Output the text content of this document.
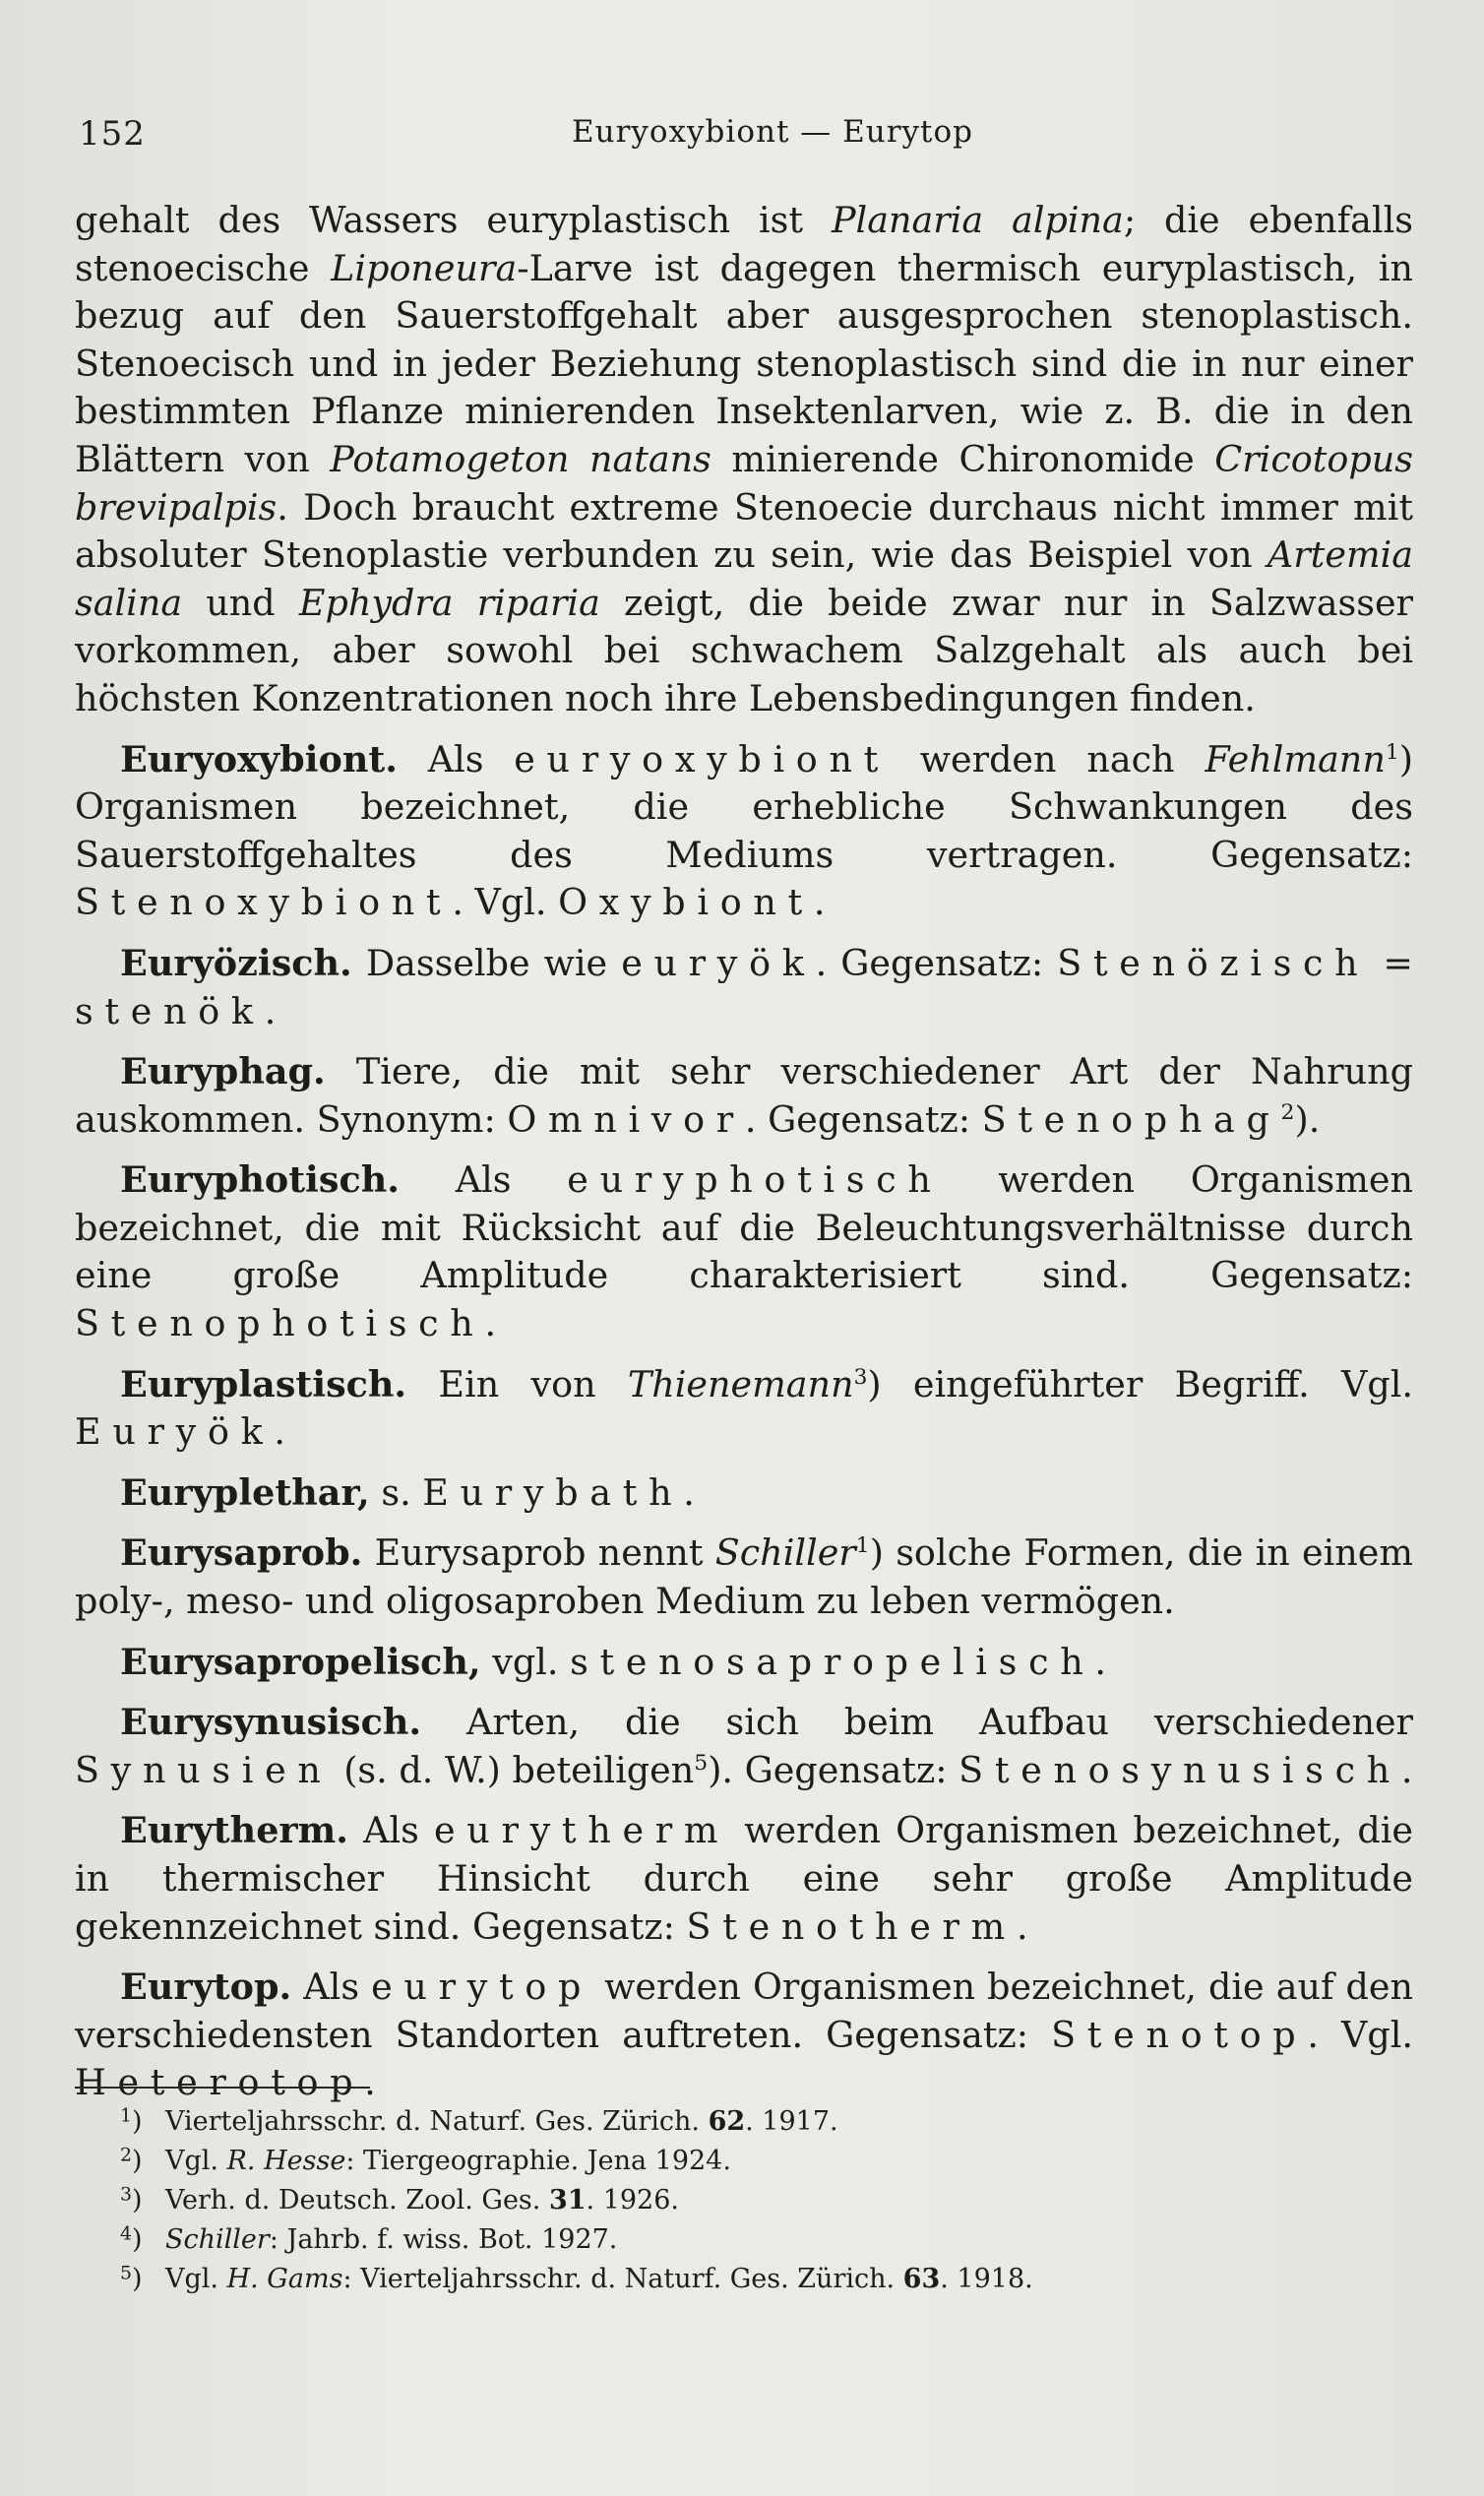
152	Euryoxybiont — Eurytop

gehalt des Wassers euryplastisch ist Planaria alpina; die ebenfalls stenoecische Liponeura-Larve ist dagegen thermisch euryplastisch, in bezug auf den Sauerstoffgehalt aber ausgesprochen stenoplastisch. Stenoecisch und in jeder Beziehung stenoplastisch sind die in nur einer bestimmten Pflanze minierenden Insektenlarven, wie z. B. die in den Blättern von Potamogeton natans minierende Chironomide Cricotopus brevipalpis. Doch braucht extreme Stenoecie durchaus nicht immer mit absoluter Stenoplastie verbunden zu sein, wie das Beispiel von Artemia salina und Ephydra riparia zeigt, die beide zwar nur in Salzwasser vorkommen, aber sowohl bei schwachem Salzgehalt als auch bei höchsten Konzentrationen noch ihre Lebensbedingungen finden.

Euryoxybiont. Als euryoxybiont werden nach Fehlmann$^1$) Organismen bezeichnet, die erhebliche Schwankungen des Sauerstoffgehaltes des Mediums vertragen. Gegensatz: Stenoxybiont. Vgl. Oxybiont.

Euryözisch. Dasselbe wie euryök. Gegensatz: Stenözisch = stenök.

Euryphag. Tiere, die mit sehr verschiedener Art der Nahrung auskommen. Synonym: Omnivor. Gegensatz: Stenophag$^2$).

Euryphotisch. Als euryphotisch werden Organismen bezeichnet, die mit Rücksicht auf die Beleuchtungsverhältnisse durch eine große Amplitude charakterisiert sind. Gegensatz: Stenophotisch.

Euryplastisch. Ein von Thienemann$^3$) eingeführter Begriff. Vgl. Euryök.

Euryplethar, s. Eurybath.

Eurysaprob. Eurysaprob nennt Schiller$^1$) solche Formen, die in einem poly-, meso- und oligosaproben Medium zu leben vermögen.

Eurysapropelisch, vgl. stenosapropelisch.

Eurysynusisch. Arten, die sich beim Aufbau verschiedener Synusien (s. d. W.) beteiligen$^5$). Gegensatz: Stenosynusisch.

Eurytherm. Als eurytherm werden Organismen bezeichnet, die in thermischer Hinsicht durch eine sehr große Amplitude gekennzeichnet sind. Gegensatz: Stenotherm.

Eurytop. Als eurytop werden Organismen bezeichnet, die auf den verschiedensten Standorten auftreten. Gegensatz: Stenotop. Vgl. Heterotop.

$^1$) Vierteljahrsschr. d. Naturf. Ges. Zürich. 62. 1917.
$^2$) Vgl. R. Hesse: Tiergeographie. Jena 1924.
$^3$) Verh. d. Deutsch. Zool. Ges. 31. 1926.
$^4$) Schiller: Jahrb. f. wiss. Bot. 1927.
$^5$) Vgl. H. Gams: Vierteljahrsschr. d. Naturf. Ges. Zürich. 63. 1918.
